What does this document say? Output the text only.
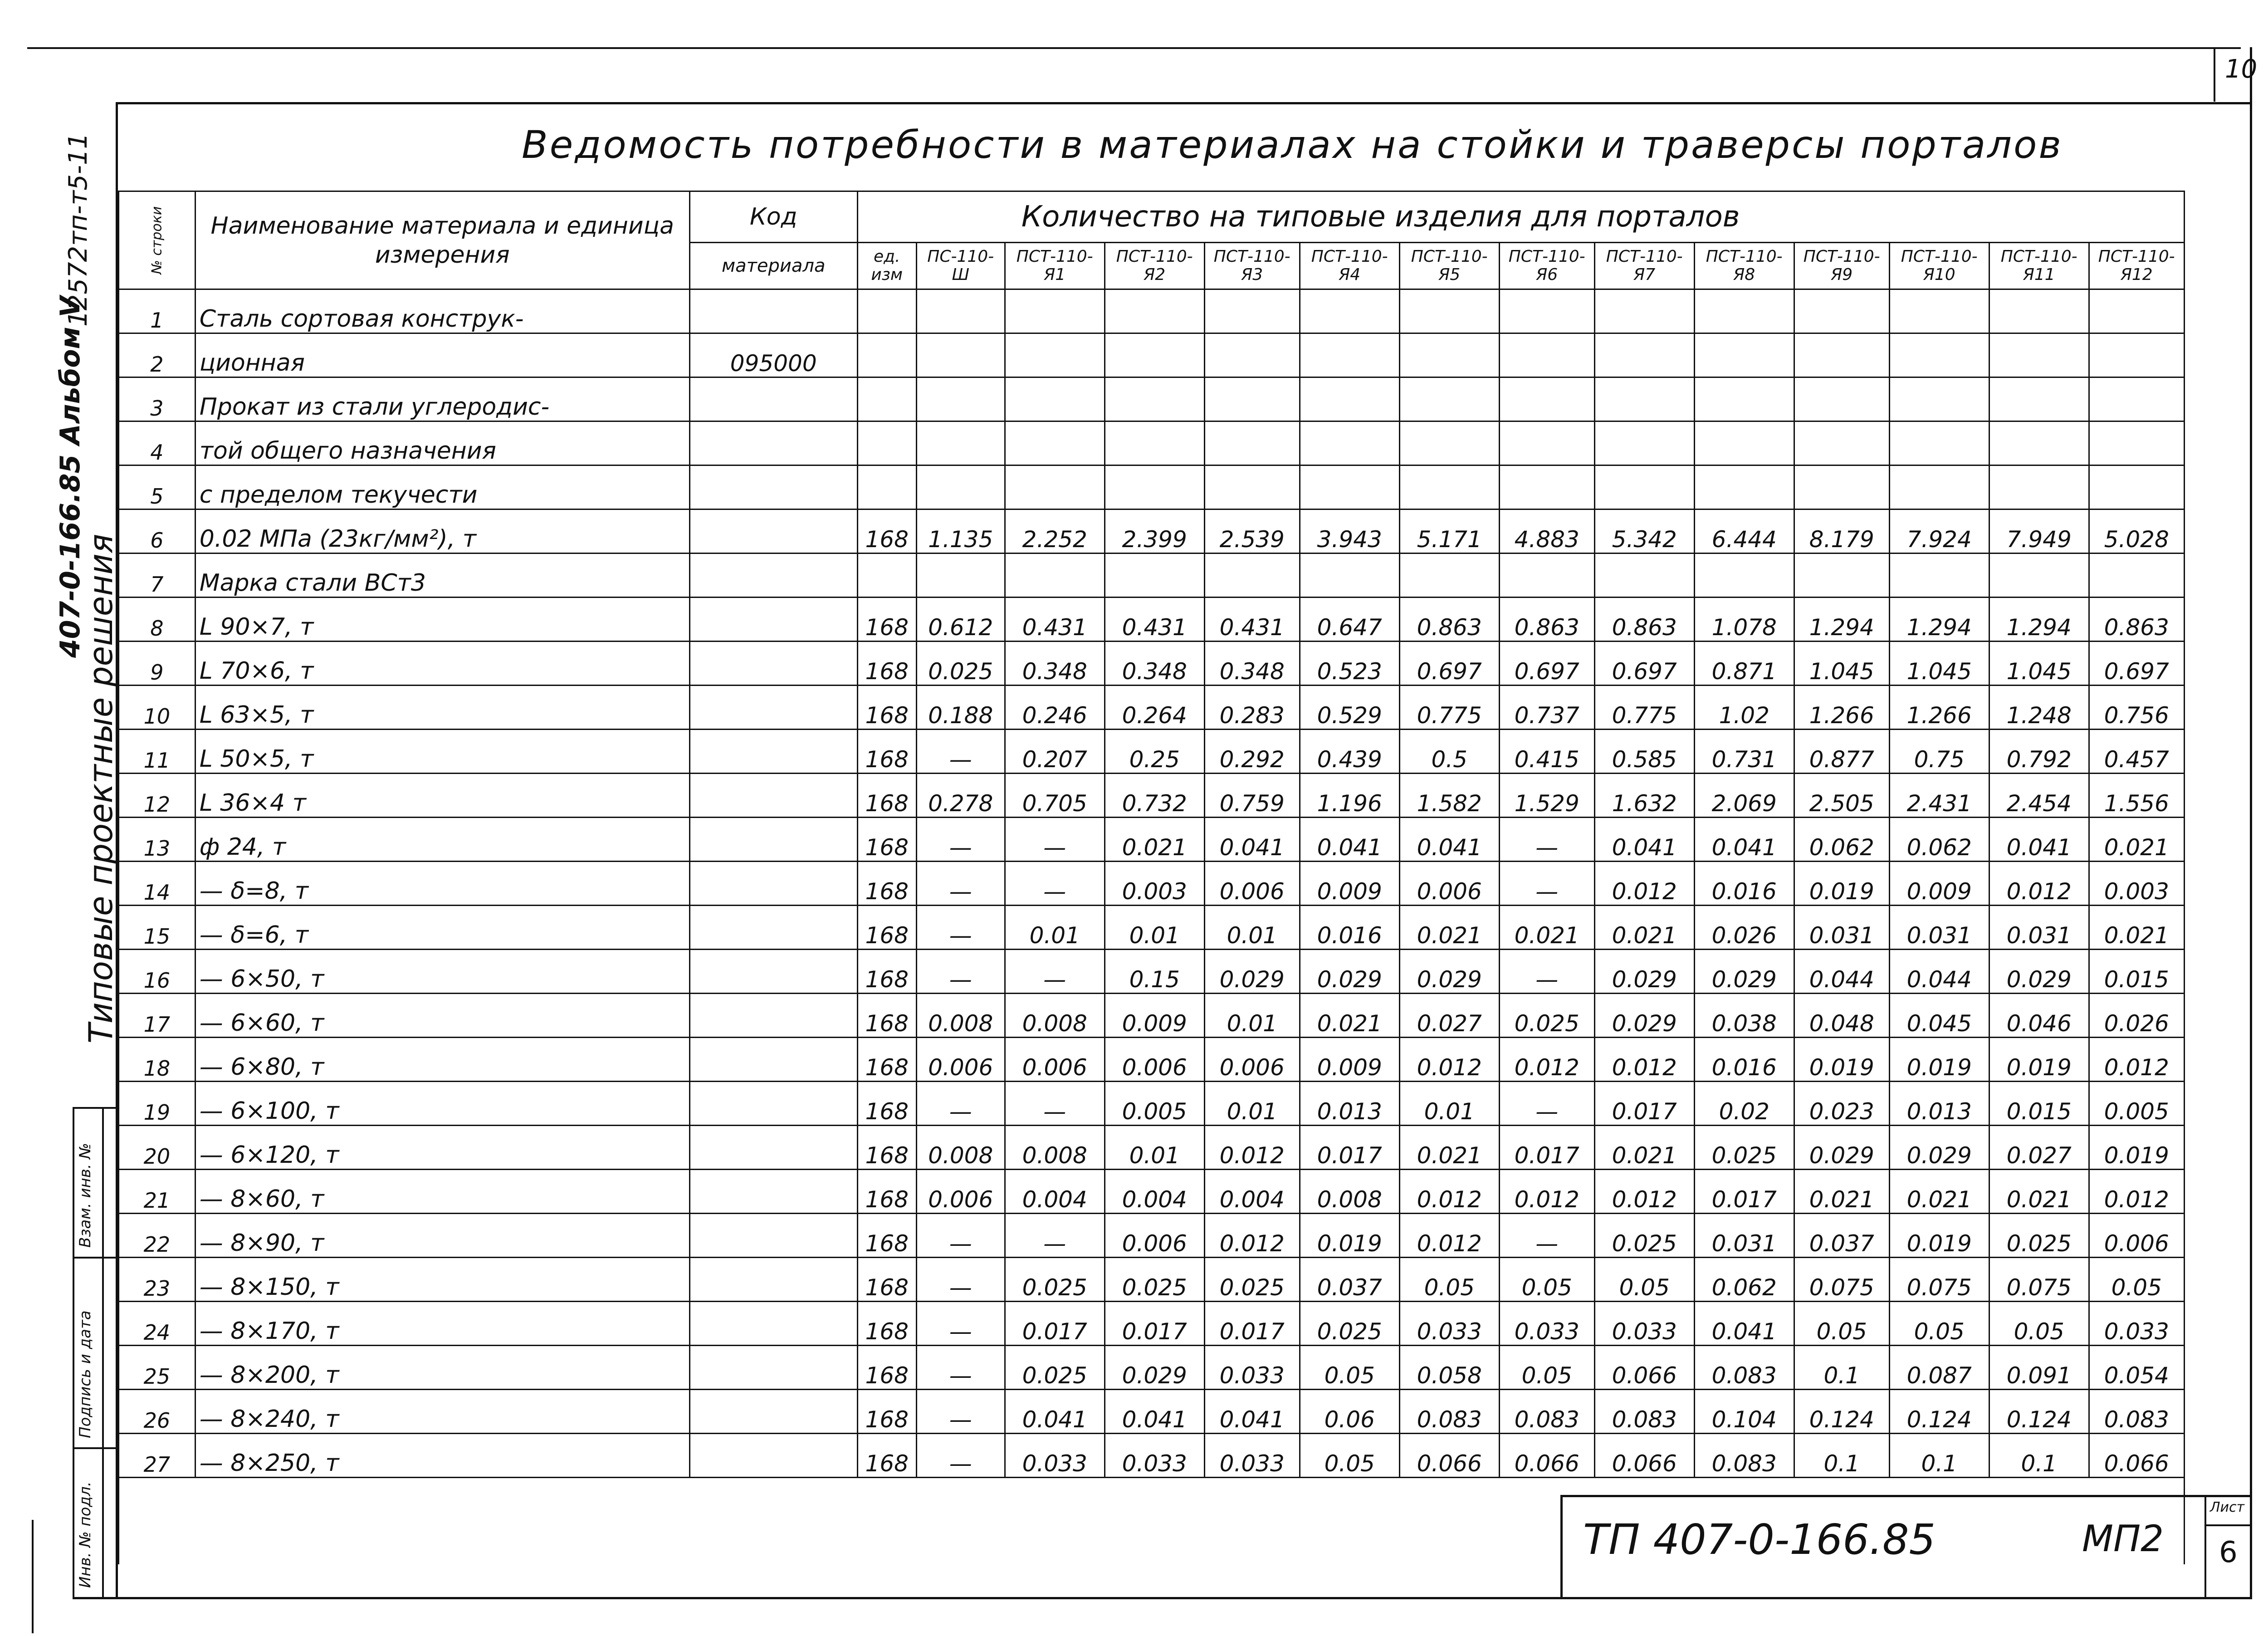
10
12572тп-т5-11
407-0-166.85 Альбом V
Типовые проектные решения
Взам. инв. №
Подпись и дата
Инв. № подл.
Ведомость потребности в материалах на стойки и траверсы порталов
№ строки	Наименование материала и единица измерения	Код	Количество на типовые изделия для порталов													
		материала	ед. изм	ПС-110-Ш	ПСТ-110-Я1	ПСТ-110-Я2	ПСТ-110-Я3	ПСТ-110-Я4	ПСТ-110-Я5	ПСТ-110-Я6	ПСТ-110-Я7	ПСТ-110-Я8	ПСТ-110-Я9	ПСТ-110-Я10	ПСТ-110-Я11	ПСТ-110-Я12
1	Сталь сортовая конструк-															
2	ционная	095000														
3	Прокат из стали углеродис-															
4	той общего назначения															
5	с пределом текучести															
6	0.02 МПа (23кг/мм²), т		168	1.135	2.252	2.399	2.539	3.943	5.171	4.883	5.342	6.444	8.179	7.924	7.949	5.028
7	Марка стали ВСт3															
8	L 90×7, т		168	0.612	0.431	0.431	0.431	0.647	0.863	0.863	0.863	1.078	1.294	1.294	1.294	0.863
9	L 70×6, т		168	0.025	0.348	0.348	0.348	0.523	0.697	0.697	0.697	0.871	1.045	1.045	1.045	0.697
10	L 63×5, т		168	0.188	0.246	0.264	0.283	0.529	0.775	0.737	0.775	1.02	1.266	1.266	1.248	0.756
11	L 50×5, т		168	—	0.207	0.25	0.292	0.439	0.5	0.415	0.585	0.731	0.877	0.75	0.792	0.457
12	L 36×4 т		168	0.278	0.705	0.732	0.759	1.196	1.582	1.529	1.632	2.069	2.505	2.431	2.454	1.556
13	ф 24, т		168	—	—	0.021	0.041	0.041	0.041	—	0.041	0.041	0.062	0.062	0.041	0.021
14	— δ=8, т		168	—	—	0.003	0.006	0.009	0.006	—	0.012	0.016	0.019	0.009	0.012	0.003
15	— δ=6, т		168	—	0.01	0.01	0.01	0.016	0.021	0.021	0.021	0.026	0.031	0.031	0.031	0.021
16	— 6×50, т		168	—	—	0.15	0.029	0.029	0.029	—	0.029	0.029	0.044	0.044	0.029	0.015
17	— 6×60, т		168	0.008	0.008	0.009	0.01	0.021	0.027	0.025	0.029	0.038	0.048	0.045	0.046	0.026
18	— 6×80, т		168	0.006	0.006	0.006	0.006	0.009	0.012	0.012	0.012	0.016	0.019	0.019	0.019	0.012
19	— 6×100, т		168	—	—	0.005	0.01	0.013	0.01	—	0.017	0.02	0.023	0.013	0.015	0.005
20	— 6×120, т		168	0.008	0.008	0.01	0.012	0.017	0.021	0.017	0.021	0.025	0.029	0.029	0.027	0.019
21	— 8×60, т		168	0.006	0.004	0.004	0.004	0.008	0.012	0.012	0.012	0.017	0.021	0.021	0.021	0.012
22	— 8×90, т		168	—	—	0.006	0.012	0.019	0.012	—	0.025	0.031	0.037	0.019	0.025	0.006
23	— 8×150, т		168	—	0.025	0.025	0.025	0.037	0.05	0.05	0.05	0.062	0.075	0.075	0.075	0.05
24	— 8×170, т		168	—	0.017	0.017	0.017	0.025	0.033	0.033	0.033	0.041	0.05	0.05	0.05	0.033
25	— 8×200, т		168	—	0.025	0.029	0.033	0.05	0.058	0.05	0.066	0.083	0.1	0.087	0.091	0.054
26	— 8×240, т		168	—	0.041	0.041	0.041	0.06	0.083	0.083	0.083	0.104	0.124	0.124	0.124	0.083
27	— 8×250, т		168	—	0.033	0.033	0.033	0.05	0.066	0.066	0.066	0.083	0.1	0.1	0.1	0.066

ТП 407-0-166.85	МП2
Лист
6
